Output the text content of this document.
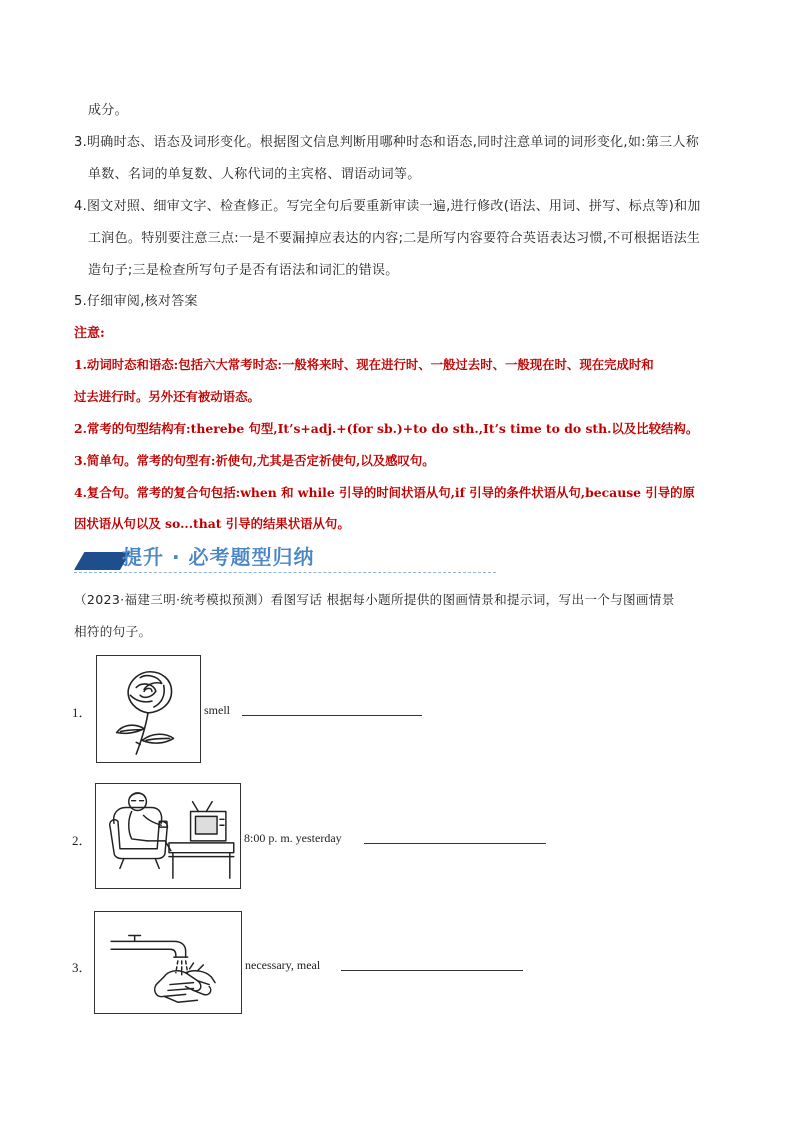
成分。
3.明确时态、语态及词形变化。根据图文信息判断用哪种时态和语态,同时注意单词的词形变化,如:第三人称
单数、名词的单复数、人称代词的主宾格、谓语动词等。
4.图文对照、细审文字、检查修正。写完全句后要重新审读一遍,进行修改(语法、用词、拼写、标点等)和加
工润色。特别要注意三点:一是不要漏掉应表达的内容;二是所写内容要符合英语表达习惯,不可根据语法生
造句子;三是检查所写句子是否有语法和词汇的错误。
5.仔细审阅,核对答案
注意:
1.动词时态和语态:包括六大常考时态:一般将来时、现在进行时、一般过去时、一般现在时、现在完成时和
过去进行时。另外还有被动语态。
2.常考的句型结构有:therebe 句型,It’s+adj.+(for sb.)+to do sth.,It’s time to do sth.以及比较结构。
3.简单句。常考的句型有:祈使句,尤其是否定祈使句,以及感叹句。
4.复合句。常考的复合句包括:when 和 while 引导的时间状语从句,if 引导的条件状语从句,because 引导的原
因状语从句以及 so...that 引导的结果状语从句。
提升 · 必考题型归纳
（2023·福建三明·统考模拟预测）看图写话 根据每小题所提供的图画情景和提示词，写出一个与图画情景
相符的句子。
1．	smell
2．	8:00 p. m. yesterday
3．	necessary, meal
